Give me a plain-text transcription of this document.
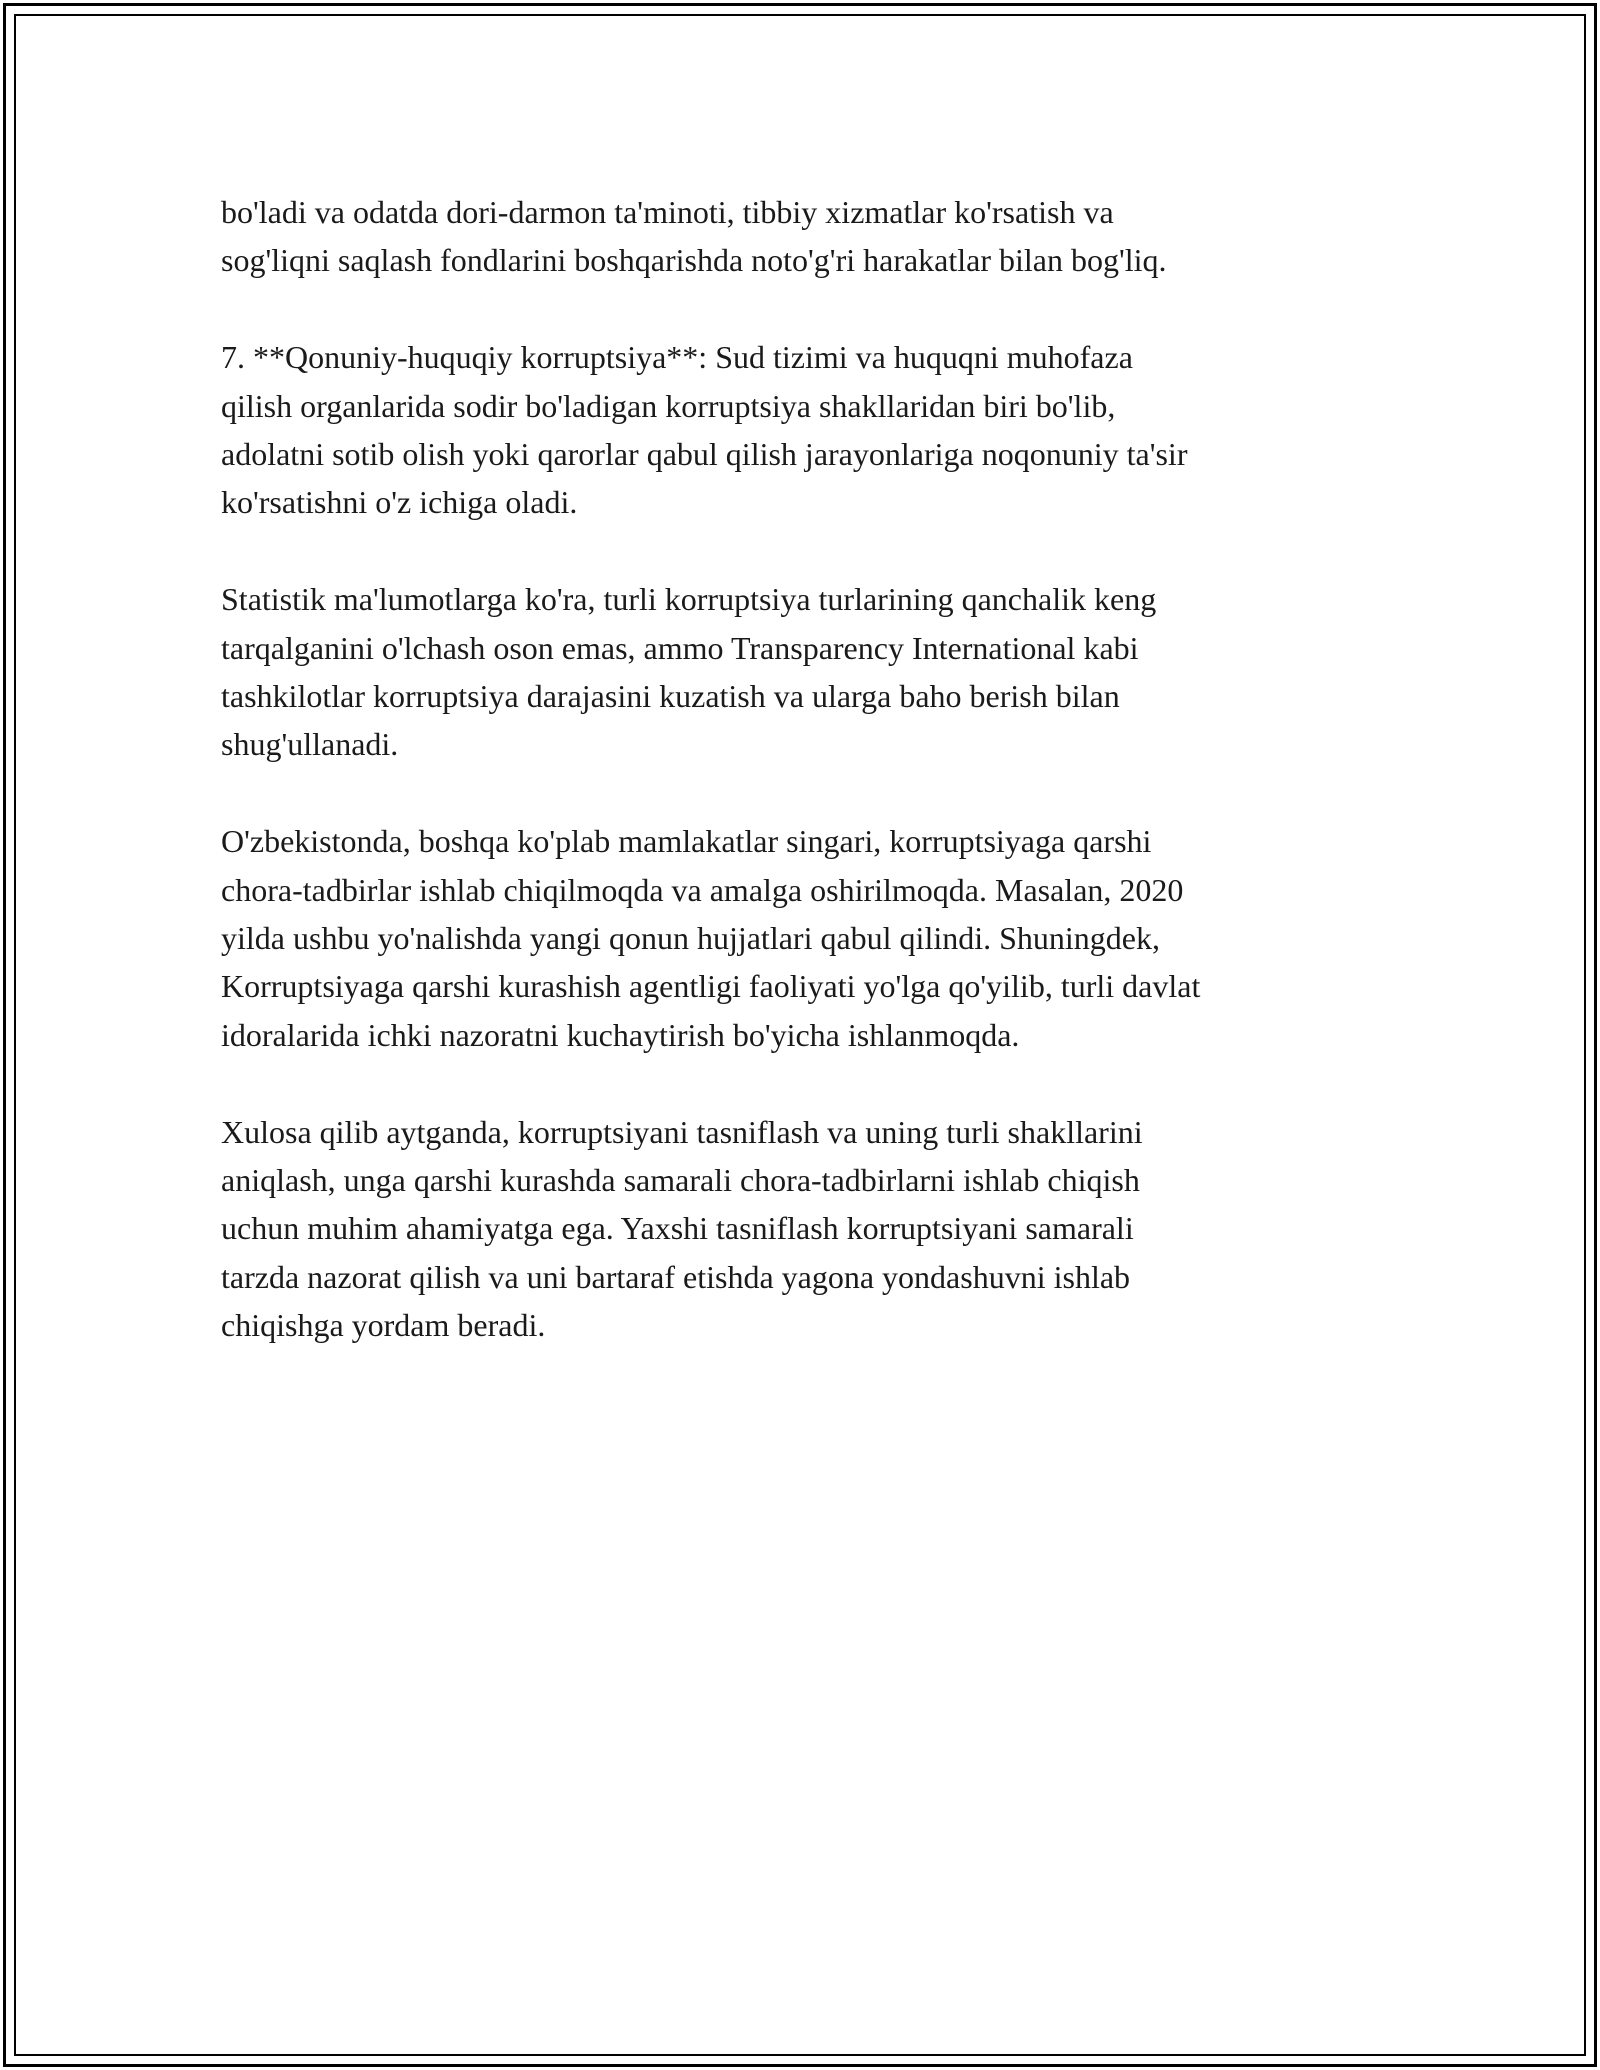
bo'ladi va odatda dori-darmon ta'minoti, tibbiy xizmatlar ko'rsatish va
sog'liqni saqlash fondlarini boshqarishda noto'g'ri harakatlar bilan bog'liq.

7. **Qonuniy-huquqiy korruptsiya**: Sud tizimi va huquqni muhofaza
qilish organlarida sodir bo'ladigan korruptsiya shakllaridan biri bo'lib,
adolatni sotib olish yoki qarorlar qabul qilish jarayonlariga noqonuniy ta'sir
ko'rsatishni o'z ichiga oladi.

Statistik ma'lumotlarga ko'ra, turli korruptsiya turlarining qanchalik keng
tarqalganini o'lchash oson emas, ammo Transparency International kabi
tashkilotlar korruptsiya darajasini kuzatish va ularga baho berish bilan
shug'ullanadi.

O'zbekistonda, boshqa ko'plab mamlakatlar singari, korruptsiyaga qarshi
chora-tadbirlar ishlab chiqilmoqda va amalga oshirilmoqda. Masalan, 2020
yilda ushbu yo'nalishda yangi qonun hujjatlari qabul qilindi. Shuningdek,
Korruptsiyaga qarshi kurashish agentligi faoliyati yo'lga qo'yilib, turli davlat
idoralarida ichki nazoratni kuchaytirish bo'yicha ishlanmoqda.

Xulosa qilib aytganda, korruptsiyani tasniflash va uning turli shakllarini
aniqlash, unga qarshi kurashda samarali chora-tadbirlarni ishlab chiqish
uchun muhim ahamiyatga ega. Yaxshi tasniflash korruptsiyani samarali
tarzda nazorat qilish va uni bartaraf etishda yagona yondashuvni ishlab
chiqishga yordam beradi.
